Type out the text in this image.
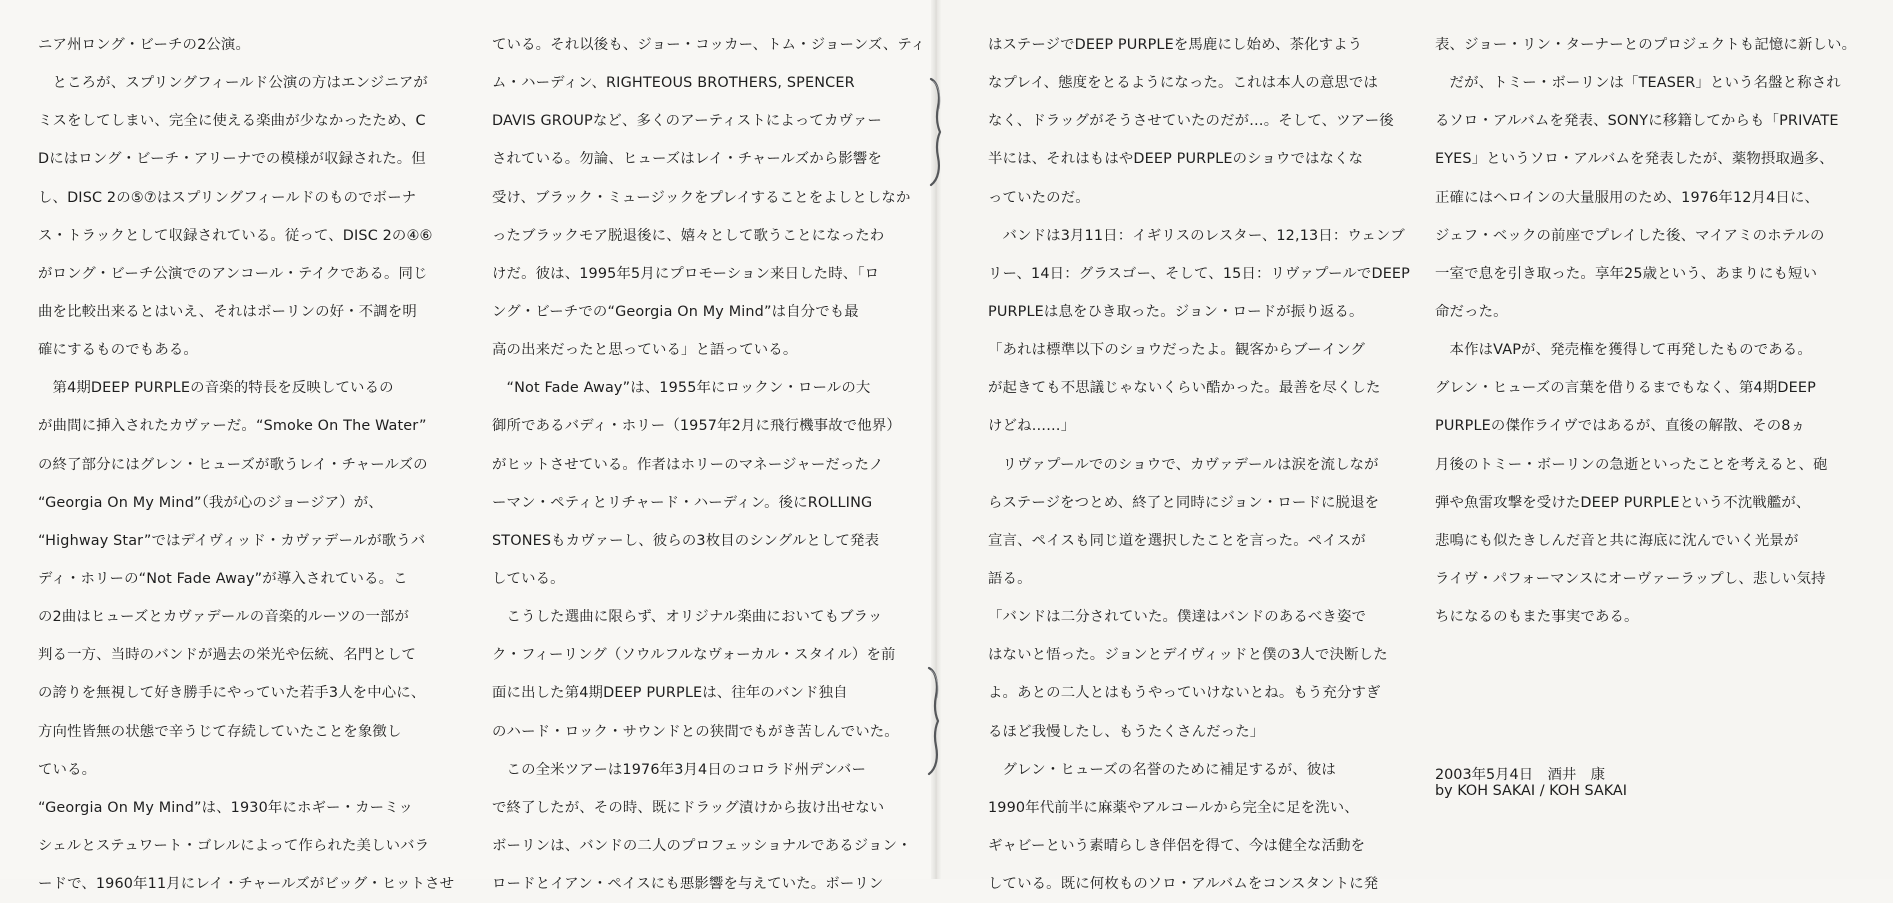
ニア州ロング・ビーチの2公演。
　ところが、スプリングフィールド公演の方はエンジニアが
ミスをしてしまい、完全に使える楽曲が少なかったため、C
Dにはロング・ビーチ・アリーナでの模様が収録された。但
し、DISC 2の⑤⑦はスプリングフィールドのものでボーナ
ス・トラックとして収録されている。従って、DISC 2の④⑥
がロング・ビーチ公演でのアンコール・テイクである。同じ
曲を比較出来るとはいえ、それはボーリンの好・不調を明
確にするものでもある。
　第4期DEEP PURPLEの音楽的特長を反映しているの
が曲間に挿入されたカヴァーだ。“Smoke On The Water”
の終了部分にはグレン・ヒューズが歌うレイ・チャールズの
“Georgia On My Mind”（我が心のジョージア）が、
“Highway Star”ではデイヴィッド・カヴァデールが歌うバ
ディ・ホリーの“Not Fade Away”が導入されている。こ
の2曲はヒューズとカヴァデールの音楽的ルーツの一部が
判る一方、当時のバンドが過去の栄光や伝統、名門として
の誇りを無視して好き勝手にやっていた若手3人を中心に、
方向性皆無の状態で辛うじて存続していたことを象徴し
ている。
“Georgia On My Mind”は、1930年にホギー・カーミッ
シェルとステュワート・ゴレルによって作られた美しいバラ
ードで、1960年11月にレイ・チャールズがビッグ・ヒットさせ
ている。それ以後も、ジョー・コッカー、トム・ジョーンズ、ティ
ム・ハーディン、RIGHTEOUS BROTHERS, SPENCER
DAVIS GROUPなど、多くのアーティストによってカヴァー
されている。勿論、ヒューズはレイ・チャールズから影響を
受け、ブラック・ミュージックをプレイすることをよしとしなか
ったブラックモア脱退後に、嬉々として歌うことになったわ
けだ。彼は、1995年5月にプロモーション来日した時、「ロ
ング・ビーチでの“Georgia On My Mind”は自分でも最
高の出来だったと思っている」と語っている。
　“Not Fade Away”は、1955年にロックン・ロールの大
御所であるバディ・ホリー（1957年2月に飛行機事故で他界）
がヒットさせている。作者はホリーのマネージャーだったノ
ーマン・ペティとリチャード・ハーディン。後にROLLING
STONESもカヴァーし、彼らの3枚目のシングルとして発表
している。
　こうした選曲に限らず、オリジナル楽曲においてもブラッ
ク・フィーリング（ソウルフルなヴォーカル・スタイル）を前
面に出した第4期DEEP PURPLEは、往年のバンド独自
のハード・ロック・サウンドとの狭間でもがき苦しんでいた。
　この全米ツアーは1976年3月4日のコロラド州デンバー
で終了したが、その時、既にドラッグ漬けから抜け出せない
ボーリンは、バンドの二人のプロフェッショナルであるジョン・
ロードとイアン・ペイスにも悪影響を与えていた。ボーリン
はステージでDEEP PURPLEを馬鹿にし始め、茶化すよう
なプレイ、態度をとるようになった。これは本人の意思では
なく、ドラッグがそうさせていたのだが…。そして、ツアー後
半には、それはもはやDEEP PURPLEのショウではなくな
っていたのだ。
　バンドは3月11日：イギリスのレスター、12,13日：ウェンブ
リー、14日：グラスゴー、そして、15日：リヴァプールでDEEP
PURPLEは息をひき取った。ジョン・ロードが振り返る。
「あれは標準以下のショウだったよ。観客からブーイング
が起きても不思議じゃないくらい酷かった。最善を尽くした
けどね……」
　リヴァプールでのショウで、カヴァデールは涙を流しなが
らステージをつとめ、終了と同時にジョン・ロードに脱退を
宣言、ペイスも同じ道を選択したことを言った。ペイスが
語る。
「バンドは二分されていた。僕達はバンドのあるべき姿で
はないと悟った。ジョンとデイヴィッドと僕の3人で決断した
よ。あとの二人とはもうやっていけないとね。もう充分すぎ
るほど我慢したし、もうたくさんだった」
　グレン・ヒューズの名誉のために補足するが、彼は
1990年代前半に麻薬やアルコールから完全に足を洗い、
ギャビーという素晴らしき伴侶を得て、今は健全な活動を
している。既に何枚ものソロ・アルバムをコンスタントに発
表、ジョー・リン・ターナーとのプロジェクトも記憶に新しい。
　だが、トミー・ボーリンは「TEASER」という名盤と称され
るソロ・アルバムを発表、SONYに移籍してからも「PRIVATE
EYES」というソロ・アルバムを発表したが、薬物摂取過多、
正確にはヘロインの大量服用のため、1976年12月4日に、
ジェフ・ベックの前座でプレイした後、マイアミのホテルの
一室で息を引き取った。享年25歳という、あまりにも短い
命だった。
　本作はVAPが、発売権を獲得して再発したものである。
グレン・ヒューズの言葉を借りるまでもなく、第4期DEEP
PURPLEの傑作ライヴではあるが、直後の解散、その8ヵ
月後のトミー・ボーリンの急逝といったことを考えると、砲
弾や魚雷攻撃を受けたDEEP PURPLEという不沈戦艦が、
悲鳴にも似たきしんだ音と共に海底に沈んでいく光景が
ライヴ・パフォーマンスにオーヴァーラップし、悲しい気持
ちになるのもまた事実である。
2003年5月4日　酒井　康
by KOH SAKAI / KOH SAKAI
